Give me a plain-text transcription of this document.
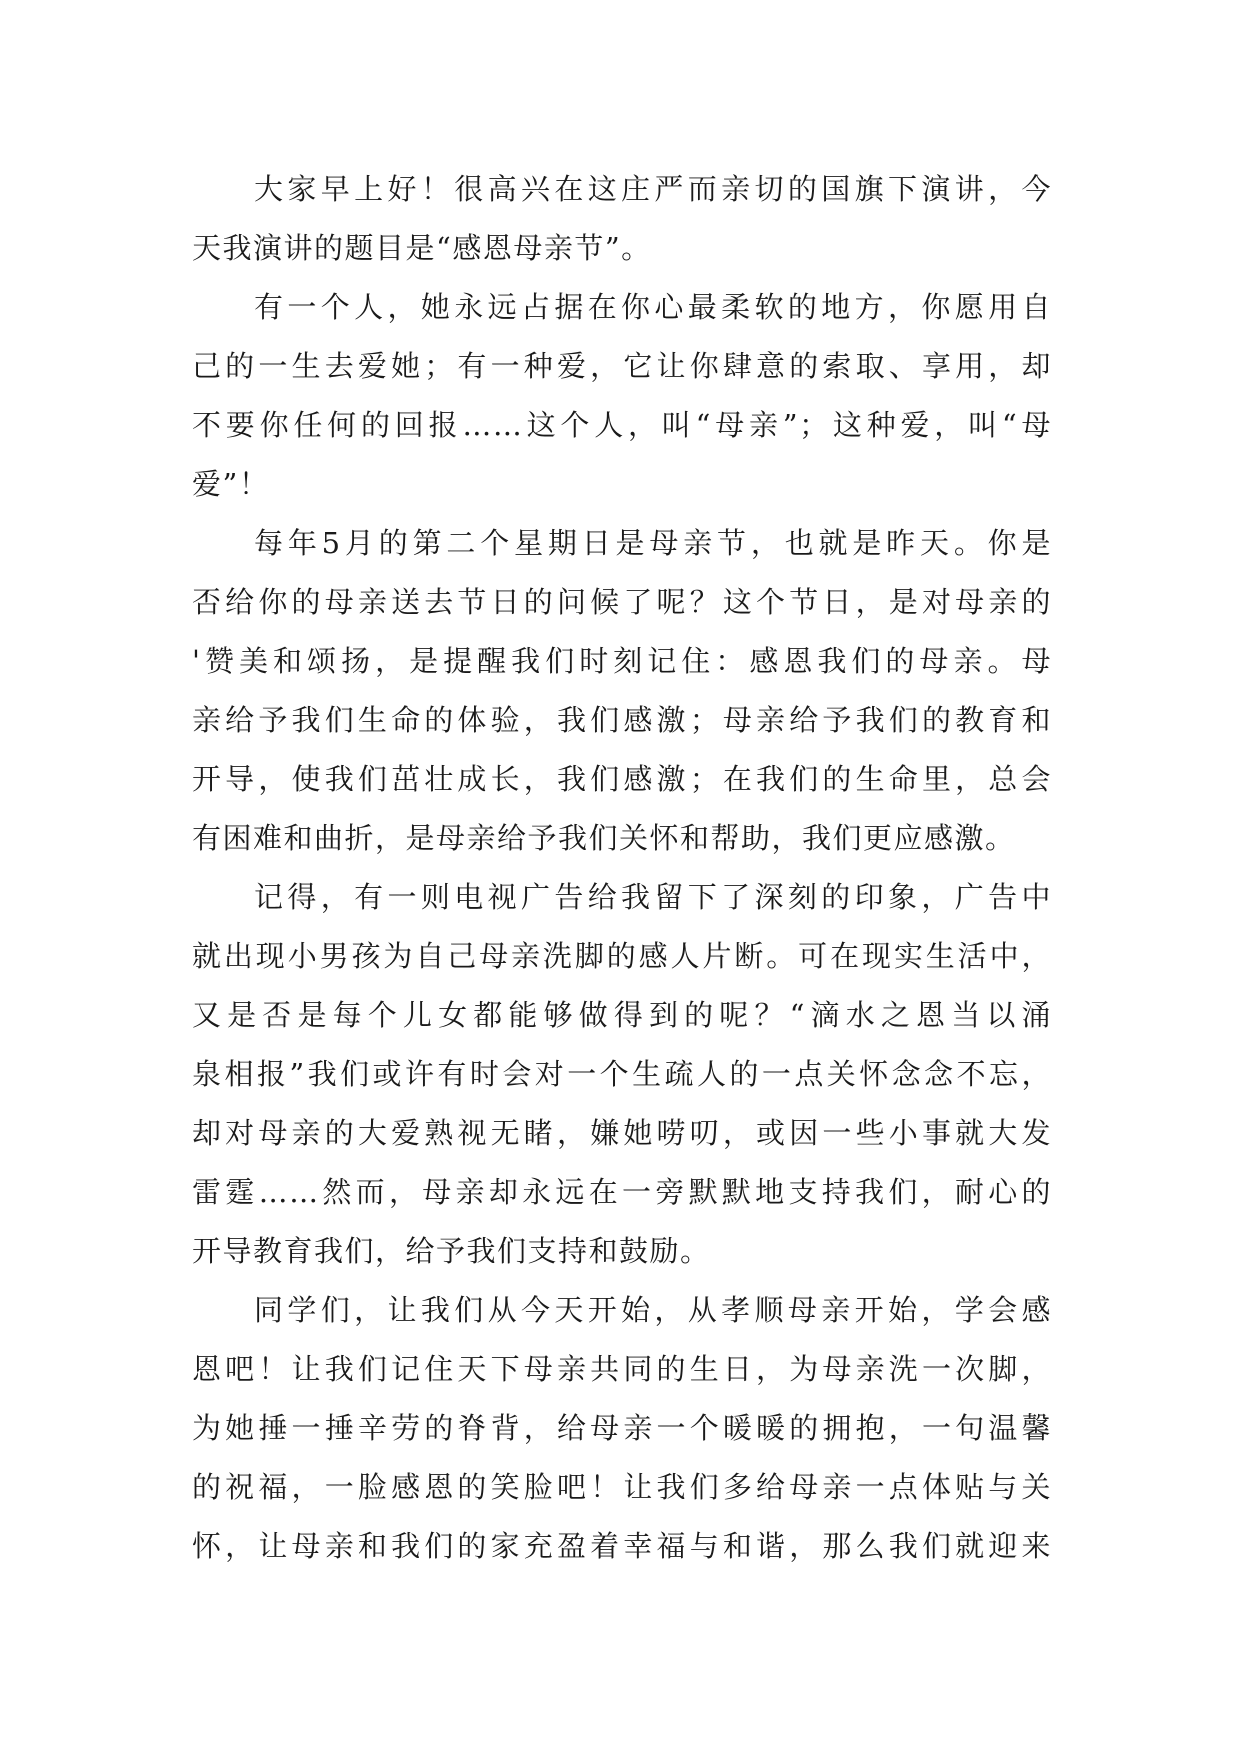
大家早上好！很高兴在这庄严而亲切的国旗下演讲，今
天我演讲的题目是“感恩母亲节”。
有一个人，她永远占据在你心最柔软的地方，你愿用自
己的一生去爱她；有一种爱，它让你肆意的索取、享用，却
不要你任何的回报……这个人，叫“母亲”；这种爱，叫“母
爱”！
每年5月的第二个星期日是母亲节，也就是昨天。你是
否给你的母亲送去节日的问候了呢？这个节日，是对母亲的
'赞美和颂扬，是提醒我们时刻记住：感恩我们的母亲。母
亲给予我们生命的体验，我们感激；母亲给予我们的教育和
开导，使我们茁壮成长，我们感激；在我们的生命里，总会
有困难和曲折，是母亲给予我们关怀和帮助，我们更应感激。
记得，有一则电视广告给我留下了深刻的印象，广告中
就出现小男孩为自己母亲洗脚的感人片断。可在现实生活中，
又是否是每个儿女都能够做得到的呢？“滴水之恩当以涌
泉相报”我们或许有时会对一个生疏人的一点关怀念念不忘，
却对母亲的大爱熟视无睹，嫌她唠叨，或因一些小事就大发
雷霆……然而，母亲却永远在一旁默默地支持我们，耐心的
开导教育我们，给予我们支持和鼓励。
同学们，让我们从今天开始，从孝顺母亲开始，学会感
恩吧！让我们记住天下母亲共同的生日，为母亲洗一次脚，
为她捶一捶辛劳的脊背，给母亲一个暖暖的拥抱，一句温馨
的祝福，一脸感恩的笑脸吧！让我们多给母亲一点体贴与关
怀，让母亲和我们的家充盈着幸福与和谐，那么我们就迎来
